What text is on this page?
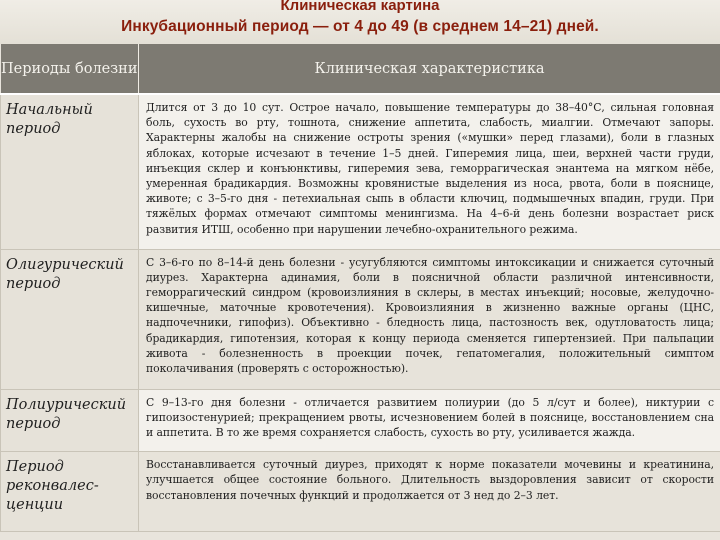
Клиническая картина
Инкубационный период — от 4 до 49 (в среднем 14–21) дней.
Периоды болезни	Клиническая характеристика
Начальный период	Длится от 3 до 10 сут. Острое начало, повышение температуры до 38–40°С, сильная головная боль, сухость во рту, тошнота, снижение аппетита, слабость, миалгии. Отмечают запоры. Характерны жалобы на снижение остроты зрения («мушки» перед глазами), боли в глазных яблоках, которые исчезают в течение 1–5 дней. Гиперемия лица, шеи, верхней части груди, инъекция склер и конъюнктивы, гиперемия зева, геморрагическая энантема на мягком нёбе, умеренная брадикардия. Возможны кровянистые выделения из носа, рвота, боли в пояснице, животе; с 3–5-го дня - петехиальная сыпь в области ключиц, подмышечных впадин, груди. При тяжёлых формах отмечают симптомы менингизма. На 4–6-й день болезни возрастает риск развития ИТШ, особенно при нарушении лечебно-охранительного режима.
Олигурический период	С 3–6-го по 8–14-й день болезни - усугубляются симптомы интоксикации и снижается суточный диурез. Характерна адинамия, боли в поясничной области различной интенсивности, геморрагический синдром (кровоизлияния в склеры, в местах инъекций; носовые, желудочно-кишечные, маточные кровотечения). Кровоизлияния в жизненно важные органы (ЦНС, надпочечники, гипофиз). Объективно - бледность лица, пастозность век, одутловатость лица; брадикардия, гипотензия, которая к концу периода сменяется гипертензией. При пальпации живота - болезненность в проекции почек, гепатомегалия, положительный симптом поколачивания (проверять с осторожностью).
Полиурический период	С 9–13-го дня болезни - отличается развитием полиурии (до 5 л/сут и более), никтурии с гипоизостенурией; прекращением рвоты, исчезновением болей в пояснице, восстановлением сна и аппетита. В то же время сохраняется слабость, сухость во рту, усиливается жажда.
Период реконвалес-ценции	Восстанавливается суточный диурез, приходят к норме показатели мочевины и креатинина, улучшается общее состояние больного. Длительность выздоровления зависит от скорости восстановления почечных функций и продолжается от 3 нед до 2–3 лет.
